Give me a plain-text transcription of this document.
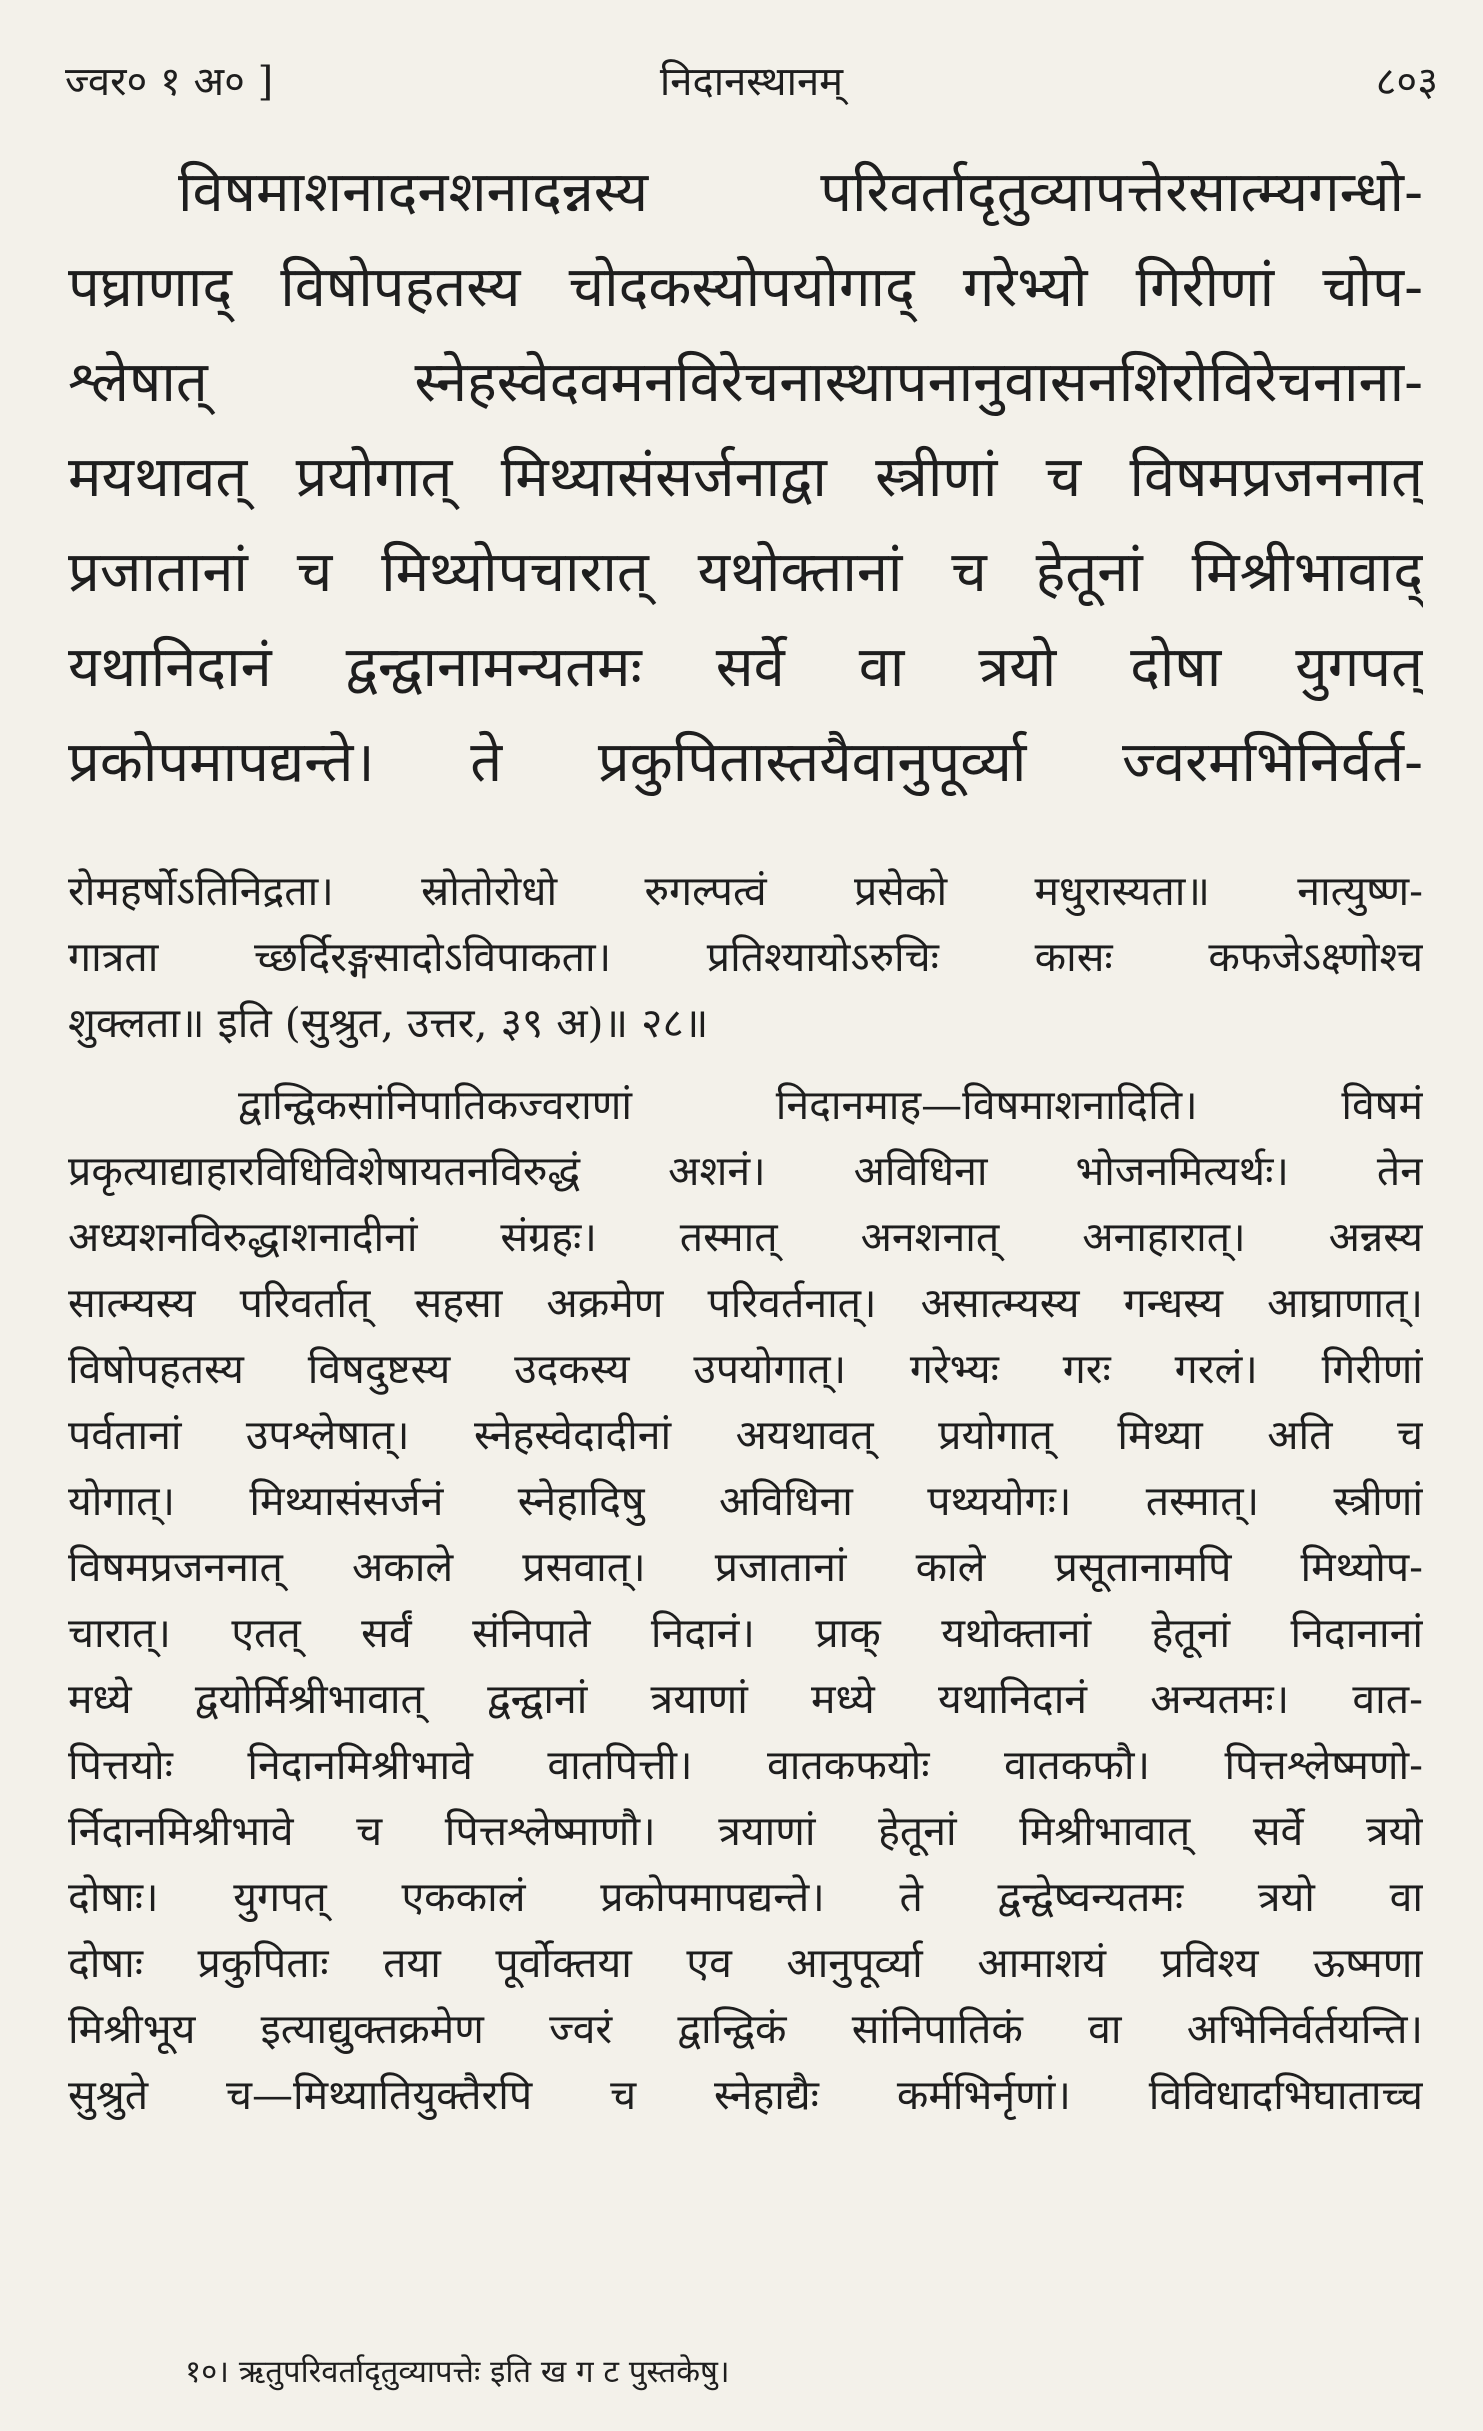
ज्वर० १ अ० ]	निदानस्थानम्	८०३
विषमाशनादनशनादन्नस्य परिवर्तादृतुव्यापत्तेरसात्म्यगन्धो-
पघ्राणाद् विषोपहतस्य चोदकस्योपयोगाद् गरेभ्यो गिरीणां चोप-
श्लेषात् स्नेहस्वेदवमनविरेचनास्थापनानुवासनशिरोविरेचनाना-
मयथावत् प्रयोगात् मिथ्यासंसर्जनाद्वा स्त्रीणां च विषमप्रजननात्
प्रजातानां च मिथ्योपचारात् यथोक्तानां च हेतूनां मिश्रीभावाद्
यथानिदानं द्वन्द्वानामन्यतमः सर्वे वा त्रयो दोषा युगपत्
प्रकोपमापद्यन्ते। ते प्रकुपितास्तयैवानुपूर्व्या ज्वरमभिनिर्वर्त-
रोमहर्षोऽतिनिद्रता। स्रोतोरोधो रुगल्पत्वं प्रसेको मधुरास्यता॥ नात्युष्ण-
गात्रता च्छर्दिरङ्गसादोऽविपाकता। प्रतिश्यायोऽरुचिः कासः कफजेऽक्ष्णोश्च
शुक्लता॥ इति (सुश्रुत, उत्तर, ३९ अ)॥ २८॥
द्वान्द्विकसांनिपातिकज्वराणां निदानमाह—विषमाशनादिति। विषमं
प्रकृत्याद्याहारविधिविशेषायतनविरुद्धं अशनं। अविधिना भोजनमित्यर्थः। तेन
अध्यशनविरुद्धाशनादीनां संग्रहः। तस्मात् अनशनात् अनाहारात्। अन्नस्य
सात्म्यस्य परिवर्तात् सहसा अक्रमेण परिवर्तनात्। असात्म्यस्य गन्धस्य आघ्राणात्।
विषोपहतस्य विषदुष्टस्य उदकस्य उपयोगात्। गरेभ्यः गरः गरलं। गिरीणां
पर्वतानां उपश्लेषात्। स्नेहस्वेदादीनां अयथावत् प्रयोगात् मिथ्या अति च
योगात्। मिथ्यासंसर्जनं स्नेहादिषु अविधिना पथ्ययोगः। तस्मात्। स्त्रीणां
विषमप्रजननात् अकाले प्रसवात्। प्रजातानां काले प्रसूतानामपि मिथ्योप-
चारात्। एतत् सर्वं संनिपाते निदानं। प्राक् यथोक्तानां हेतूनां निदानानां
मध्ये द्वयोर्मिश्रीभावात् द्वन्द्वानां त्रयाणां मध्ये यथानिदानं अन्यतमः। वात-
पित्तयोः निदानमिश्रीभावे वातपित्ती। वातकफयोः वातकफौ। पित्तश्लेष्मणो-
र्निदानमिश्रीभावे च पित्तश्लेष्माणौ। त्रयाणां हेतूनां मिश्रीभावात् सर्वे त्रयो
दोषाः। युगपत् एककालं प्रकोपमापद्यन्ते। ते द्वन्द्वेष्वन्यतमः त्रयो वा
दोषाः प्रकुपिताः तया पूर्वोक्तया एव आनुपूर्व्या आमाशयं प्रविश्य ऊष्मणा
मिश्रीभूय इत्याद्युक्तक्रमेण ज्वरं द्वान्द्विकं सांनिपातिकं वा अभिनिर्वर्तयन्ति।
सुश्रुते च—मिथ्यातियुक्तैरपि च स्नेहाद्यैः कर्मभिर्नृणां। विविधादभिघाताच्च
१०। ऋतुपरिवर्तादृतुव्यापत्तेः इति ख ग ट पुस्तकेषु।
